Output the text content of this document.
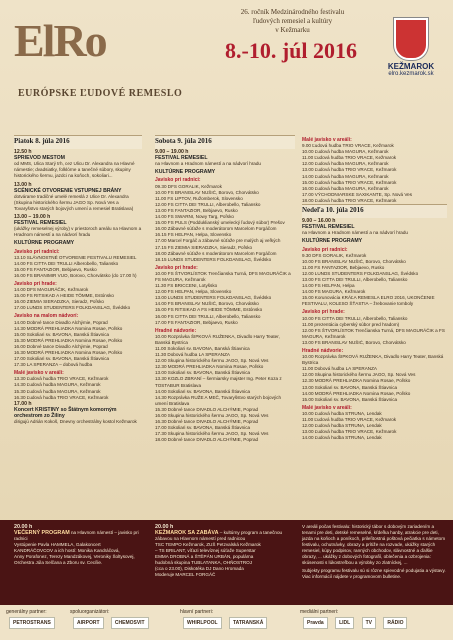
ElRo
EURÓPSKE ĽUDOVÉ REMESLO
26. ročník Medzinárodného festivalu
ľudových remesiel a kultúry
v Kežmarku
8.-10. júl 2016
KEŽMAROK
elro.kezmarok.sk
Piatok 8. júla 2016
12.50 h
SPRIEVOD MESTOM
od MMS, Ulica Starý trh, cez Ulicu Dr. Alexandra na Hlavné námestie; dvadsiatky, folklórne a tanečné súbory, skupiny historického šermu, jazdci na koňoch, sokoliari...
13.00 h
SCÉNICKÉ OTVORENIE VSTUPNEJ BRÁNY
dotvárame tradičné umelé remeslá z Ulice Dr. Alexandra (Skupina historického šermu JAGO Sp. Nová Ves a Tovaryšstvo starých bojových umení a remesiel Bratislava)
13.00 – 19.00 h
FESTIVAL REMESIEL
(ukážky remeselnej výroby) v priestoroch areálu na Hlavnom a Hradnom námestí a na nádvorí hradu
KULTÚRNE PROGRAMY
Javisko pri radnici:
13.10 SLÁVNOSTNÉ OTVORENIE FESTIVALU REMESIEL
14.00 FS CITTA DEI TRULLI Alberobello, Taliansko
15.00 FS FANTAZIOR, Bebjaevo, Rusko
16.00 FS BRANIMIR VUO, Borovo, Chorvátsko (do 17.00 h)
Javisko pri hrade:
14.00 DFS MAGURÁČIK, Kežmarok
15.00 FS RITSIKAD A HEIDE TÕMME, Estónsko
16.00 ZIEMIA SIERADZKA, Sieradz, Poľsko
17.00 LUNDS STUDENTERS FOLKDANSLAG, Švédsko
Javisko na malom nádvorí:
14.00 Dobrvé tance Divadlo Alchýmie, Poprad
14.30 MODRÁ PREHLIADKA Nomina Rosae, Poľsko
15.00 Sokoliari sv. BAVONA, Banská Štiavnica
15.30 MODRÁ PREHLIADKA Nomina Rosae, Poľsko
16.00 Dobrvé tance Divadlo Alchýmie, Poprad
16.30 MODRÁ PREHLIADKA Nomina Rosae, Poľsko
17.00 Sokoliari sv. BAVONA, Banská Štiavnica
17.30 LA SPERANZA – dobová hudba
Malé javisko v areáli:
13.30 Ľudová hudba TRIO VRACE, Kežmarok
14.30 Ľudová hudba MAGURA, Kežmarok
15.30 Ľudová hudba MAGURA, Kežmarok
16.30 Ľudová hudba TRIO VRACE, Kežmarok
17.00 h
Koncert KRISTINY so Štátnym komorným orchestrom zo Žiliny
dirigujú Adrián Kokoš, Dnevny orchestrálny kostol Kežmarok
Sobota 9. júla 2016
9.00 – 19.00 h
FESTIVAL REMESIEL
na Hlavnom a Hradnom námestí a na nádvorí hradu
KULTÚRNE PROGRAMY
Javisko pri radnici:
09.30 DFS GORALIK, Kežmarok
10.00 FS BRANISLAV NUŠIĆ, Borovo, Chorvátsko
11.00 FS LIPTOV, Ružomberok, Slovensko
12.00 FS CITTA DEI TRULLI, Alberobello, Taliansko
13.00 FS FANTAZIOR, Bebjaevo, Rusko
14.00 FS SWARNI, Nowy Targ, Poľsko
15.00 FS PULS (Podduklianský umelecký ľudový súbor) Prešov
16.00 Zábavné súťaže s moderátorom Marcelom Forgáčom
16.15 FS HELPAN, Helpa, Slovensko
17.00 Marcel Forgáč a zábavné súťaže pre malých aj veľkých
17.15 FS ZIEMIA SIERADZKA, Sieradz, Poľsko
18.00 Zábavné súťaže s moderátorom Marcelom Forgáčom
18.15 LUNDS STUDENTERS FOLKDANSLAG, Švédsko
Javisko pri hrade:
10.00 FS ŠTVORLÍSTOK Trenčianska Turná, DFS MAGURÁČIK a FS MAGURA, Kežmarok
11.30 FS BRICCENI, Lotyšsko
12.00 FS HELPAN, Helpa, Slovensko
13.00 LUNDS STUDENTERS FOLKDANSLAG, Švédsko
14.00 FS BRANISLAV NUŠIĆ, Borovo, Chorvátsko
15.00 FS RITSIKAD A FS HEIDE TÕMME, Estónsko
16.00 FS CITTA DEI TRULLI, Alberobello, Taliansko
17.00 FS FANTAZIOR, Bebjaevo, Rusko
Hradné nádvorie:
10.00 Rozprávka ŠIPKOVÁ RUŽENKA, Divadlo Harry Teater, Banská Bystrica
11.00 Sokoliari sv. BAVONA, Banská Štiavnica
11.30 Dobová hudba LA SPERANZA
12.00 Skupina historického šermu JAGO, Sp. Nová Ves
12.30 MODRÁ PREHLIADKA Nomina Rosae, Poľsko
13.00 Sokoliari sv. BAVONA, Banská Štiavnica
13.30 KOZLO ZBRANÍ – šermiarsky majster Ing. Peter Koza z TOSTABUR Bratislava
14.00 Sokoliari sv. BAVONA, Banská Štiavnica
14.30 Rozprávka RUŽE A MEČ, Tovaryšstvo starých bojových umení Bratislava
15.30 Dobrvé tance DIVADLO ALCHÝMIE, Poprad
16.00 Skupina historického šermu JAGO, Sp. Nová Ves
16.30 Dobrvé tance DIVADLO ALCHÝMIE, Poprad
17.00 Sokoliari sv. BAVONA, Banská Štiavnica
17.30 Skupina historického šermu JAGO, Sp. Nová Ves
18.00 Dobrvé tance DIVADLO ALCHÝMIE, Poprad
Malé javisko v areáli:
9.00 Ľudová hudba TRIO VRACE, Kežmarok
10.00 Ľudová hudba MAGURA, Kežmarok
11.00 Ľudová hudba TRIO VRACE, Kežmarok
12.00 Ľudová hudba MAGURA, Kežmarok
13.00 Ľudová hudba TRIO VRACE, Kežmarok
14.00 Ľudová hudba MAGURA, Kežmarok
15.00 Ľudová hudba TRIO VRACE, Kežmarok
16.00 Ľudová hudba MAGURA, Kežmarok
17.00 VÝCHODNIARSKE SAXIKANTE, Sp. Nová Ves
18.00 Ľudová hudba TRIO VRACE, Kežmarok
Nedeľa 10. júla 2016
9.00 – 16.00 h
FESTIVAL REMESIEL
na Hlavnom a Hradnom námestí a na nádvorí hradu
KULTÚRNE PROGRAMY
Javisko pri radnici:
9.30 DFS GORALIK, Kežmarok
10.00 FS BRANISLAV NUŠIĆ, Borovo, Chorvátsko
11.00 FS FANTAZIOR, Bebjaevo, Rusko
12.00 LUNDS STUDENTERS FOLKDANSLAG, Švédsko
13.00 FS CITTA DEI TRULLI, Alberobello, Taliansko
14.00 FS HELPAN, Helpa
14.00 FS MAGURA, Kežmarok
15.00 Korunovácia KRÁĽA REMESLA ELRO 2016, UKONČENIE FESTIVALU, KOLESO ŠŤASTIA – žrebovanie tomboly
Javisko pri hrade:
10.00 FS CITTA DEI TRULLI, Alberobello, Taliansko
11.00 prezentácia cyberský súbor pred hradom)
12.00 FS ŠTVORLÍSTOK Trenčianska Turná, DFS MAGURÁČIK a FS MAGURA, Kežmarok
13.00 FS BRANISLAV NUŠIĆ, Borovo, Chorvátsko
Hradné nádvorie:
10.00 Rozprávka ŠIPKOVÁ RUŽENKA, Divadlo Harry Teater, Banská Bystrica
11.00 Dobová hudba LA SPERANZA
12.00 Skupina historického šermu JAGO, Sp. Nová Ves
12.30 MODRÁ PREHLIADKA Nomina Rosae, Poľsko
13.00 Sokoliari sv. BAVONA, Banská Štiavnica
14.00 MODRÁ PREHLIADKA Nomina Rosae, Poľsko
15.00 Sokoliari sv. BAVONA, Banská Štiavnica
Malé javisko v areáli:
10.00 Ľudová hudba STRUNA, Lendak
11.00 Ľudová hudba TRIO VRACE, Kežmarok
12.00 Ľudová hudba STRUNA, Lendak
13.00 Ľudová hudba TRIO VRACE, Kežmarok
14.00 Ľudová hudba STRUNA, Lendak
20.00 h
VEČERNÝ PROGRAM na Hlavnom námestí – javisko pri radnici
Vystúpenie Pavla HAMMELA, Galakoncert
KANDRÁČOVCOV a ich hostí: Monika Kandráčová,
Anny Porafonez, Terezy Mandzákovej, Veroniky Šoltysovej,
Orchestra Júla Selčana a Zboru sv. Cecílie.
20.00 h
KEŽMAROK SA ZABÁVA – kultúrny program a tanečnou zábavou na Hlavnom námestí pred radnicou
TSC TEMPO Kežmarok, ZUŠ Petzvalská Kežmarok
– TS BRILANT, víťazi televíznej súťaže Superstar
EMMA DROBNÁ a ŠTĚPÁN URBÁN, populárna
hudobná skupina TUBLATANKA, OHŇOSTROJ
(cca o 23.00), Diskotéka DJ Dano Hromada
Moderuje MARCEL FORGÁČ
V areáli počas festivalu: historický tábor s dobovým zariadením a tenami pre deti, detské remeselné, kŕdeľka hanby, atrakcie pre deti, jazda na koňoch a poníkoch, prileľitostná poštová pečiatka s námetom festivalu, ochutnávky, obrazy a prítiže na rozvade, ukážky starých remesiel, kúpy podpisov, ranných obchodov, slávnostné a ďalšie obrazy, ... ukážky z dobových fotografií, oblečenia a ozbrojenia: skúsenosti s lúkostreľbou a výrobky zo zlatníckej, ...
Subjekty programu festivalu sú si rôzne spievodné podujatia a výstavy. Viac informácií nájdete v programovom bulletine.
generálny partner:
PETROSTRANS
spoluorganizátori:
AIRPORT	CHEMOSVIT
hlavní partneri:
WHIRLPOOL	TATRANSKÁ
mediálni partneri:
Pravda	LIDL	TV	RÁDIO
